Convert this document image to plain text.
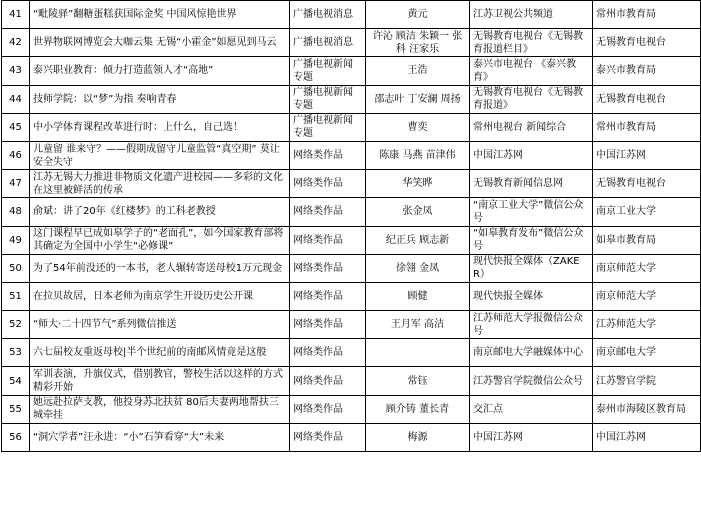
41	“毗陵驿”翻糖蛋糕获国际金奖 中国风惊艳世界	广播电视消息	黄元	江苏卫视公共频道	常州市教育局
42	世界物联网博览会大咖云集 无锡“小霍金”如愿见到马云	广播电视消息	许沁 顾洁 朱颖一 张科 汪家乐	无锡教育电视台《无锡教育报道栏目》	无锡教育电视台
43	泰兴职业教育：倾力打造蓝领人才“高地”	广播电视新闻专题	王浩	泰兴市电视台 《泰兴教育》	泰兴市教育局
44	技师学院：以“梦”为指 奏响青春	广播电视新闻专题	邵志叶 丁安澜 周扬	无锡教育电视台《无锡教育报道》	无锡教育电视台
45	中小学体育课程改革进行时：上什么，自己选！	广播电视新闻专题	曹奕	常州电视台 新闻综合	常州市教育局
46	儿童留 谁来守？——假期成留守儿童监管“真空期” 莫让安全失守	网络类作品	陈康 马燕 苗津伟	中国江苏网	中国江苏网
47	江苏无锡大力推进非物质文化遗产进校园——多彩的文化在这里被鲜活的传承	网络类作品	华笑晔	无锡教育新闻信息网	无锡教育电视台
48	俞斌：讲了20年《红楼梦》的工科老教授	网络类作品	张金凤	“南京工业大学”微信公众号	南京工业大学
49	这门课程早已成如皋学子的“老面孔”，如今国家教育部将其确定为全国中小学生“必修课”	网络类作品	纪正兵 顾志新	“如皋教育发布”微信公众号	如皋市教育局
50	为了54年前没还的一本书，老人辗转寄送母校1万元现金	网络类作品	徐翎 金凤	现代快报全媒体（ZAKER）	南京师范大学
51	在拉贝故居，日本老师为南京学生开设历史公开课	网络类作品	顾健	现代快报全媒体	南京师范大学
52	“师大·二十四节气”系列微信推送	网络类作品	王月军 高洁	江苏师范大学报微信公众号	江苏师范大学
53	六七届校友重返母校|半个世纪前的南邮风情竟是这般	网络类作品		南京邮电大学融媒体中心	南京邮电大学
54	军训表演，升旗仪式，借别教官，警校生活以这样的方式精彩开始	网络类作品	常钰	江苏警官学院微信公众号	江苏警官学院
55	她远赴拉萨支教，他投身苏北扶贫 80后夫妻两地帮扶三城牵挂	网络类作品	顾介铸 董长青	交汇点	泰州市海陵区教育局
56	“洞穴学者”汪永进：“小”石笋看穿“大”未来	网络类作品	梅源	中国江苏网	中国江苏网
